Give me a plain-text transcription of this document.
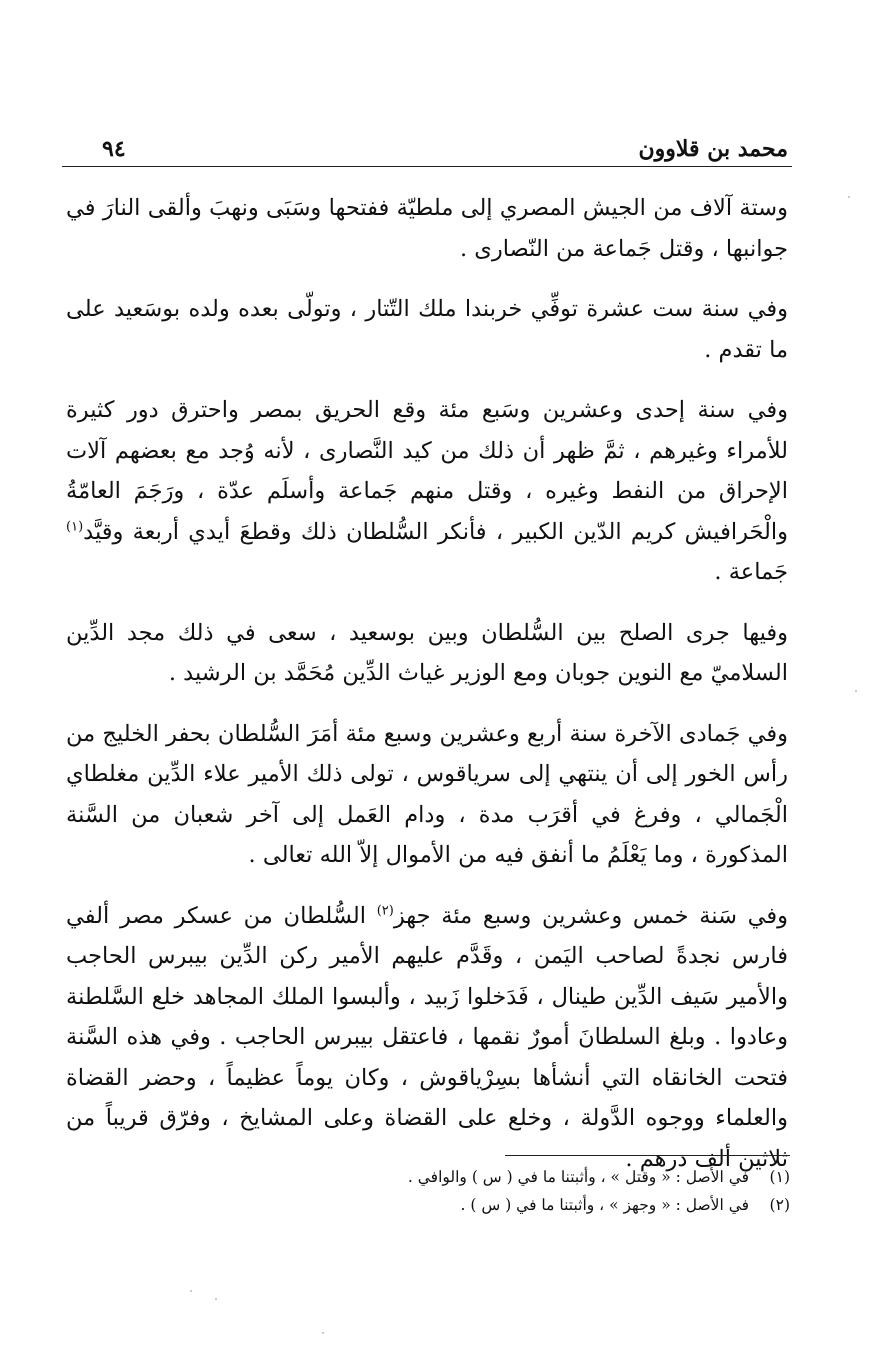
محمد بن قلاوون
٩٤

وستة آلاف من الجيش المصري إلى ملطيّة ففتحها وسَبَى ونهبَ وألقى النارَ في جوانبها ، وقتل جَماعة من النّصارى .

وفي سنة ست عشرة توفِّي خربندا ملك التّتار ، وتولّى بعده ولده بوسَعيد على ما تقدم .

وفي سنة إحدى وعشرين وسَبع مئة وقع الحريق بمصر واحترق دور كثيرة للأمراء وغيرهم ، ثمَّ ظهر أن ذلك من كيد النَّصارى ، لأنه وُجد مع بعضهم آلات الإحراق من النفط وغيره ، وقتل منهم جَماعة وأسلَم عدّة ، ورَجَمَ العامّةُ والْحَرافيش كريم الدّين الكبير ، فأنكر السُّلطان ذلك وقطعَ أيدي أربعة وقيَّد$^{(١)}$ جَماعة .

وفيها جرى الصلح بين السُّلطان وبين بوسعيد ، سعى في ذلك مجد الدِّين السلاميّ مع النوين جوبان ومع الوزير غياث الدِّين مُحَمَّد بن الرشيد .

وفي جَمادى الآخرة سنة أربع وعشرين وسبع مئة أمَرَ السُّلطان بحفر الخليج من رأس الخور إلى أن ينتهي إلى سرياقوس ، تولى ذلك الأمير علاء الدِّين مغلطاي الْجَمالي ، وفرغ في أقرَب مدة ، ودام العَمل إلى آخر شعبان من السَّنة المذكورة ، وما يَعْلَمُ ما أنفق فيه من الأموال إلاّ الله تعالى .

وفي سَنة خمس وعشرين وسبع مئة جهز$^{(٢)}$ السُّلطان من عسكر مصر ألفي فارس نجدةً لصاحب اليَمن ، وقَدَّم عليهم الأمير ركن الدِّين بيبرس الحاجب والأمير سَيف الدِّين طينال ، فَدَخلوا زَبيد ، وألبسوا الملك المجاهد خلع السَّلطنة وعادوا . وبلغ السلطانَ أمورٌ نقمها ، فاعتقل بيبرس الحاجب . وفي هذه السَّنة فتحت الخانقاه التي أنشأها بسِرْياقوش ، وكان يوماً عظيماً ، وحضر القضاة والعلماء ووجوه الدَّولة ، وخلع على القضاة وعلى المشايخ ، وفرّق قريباً من ثلاثين ألف درهم .

(١) في الأصل : « وقتل » ، وأثبتنا ما في ( س ) والوافي .
(٢) في الأصل : « وجهز » ، وأثبتنا ما في ( س ) .
